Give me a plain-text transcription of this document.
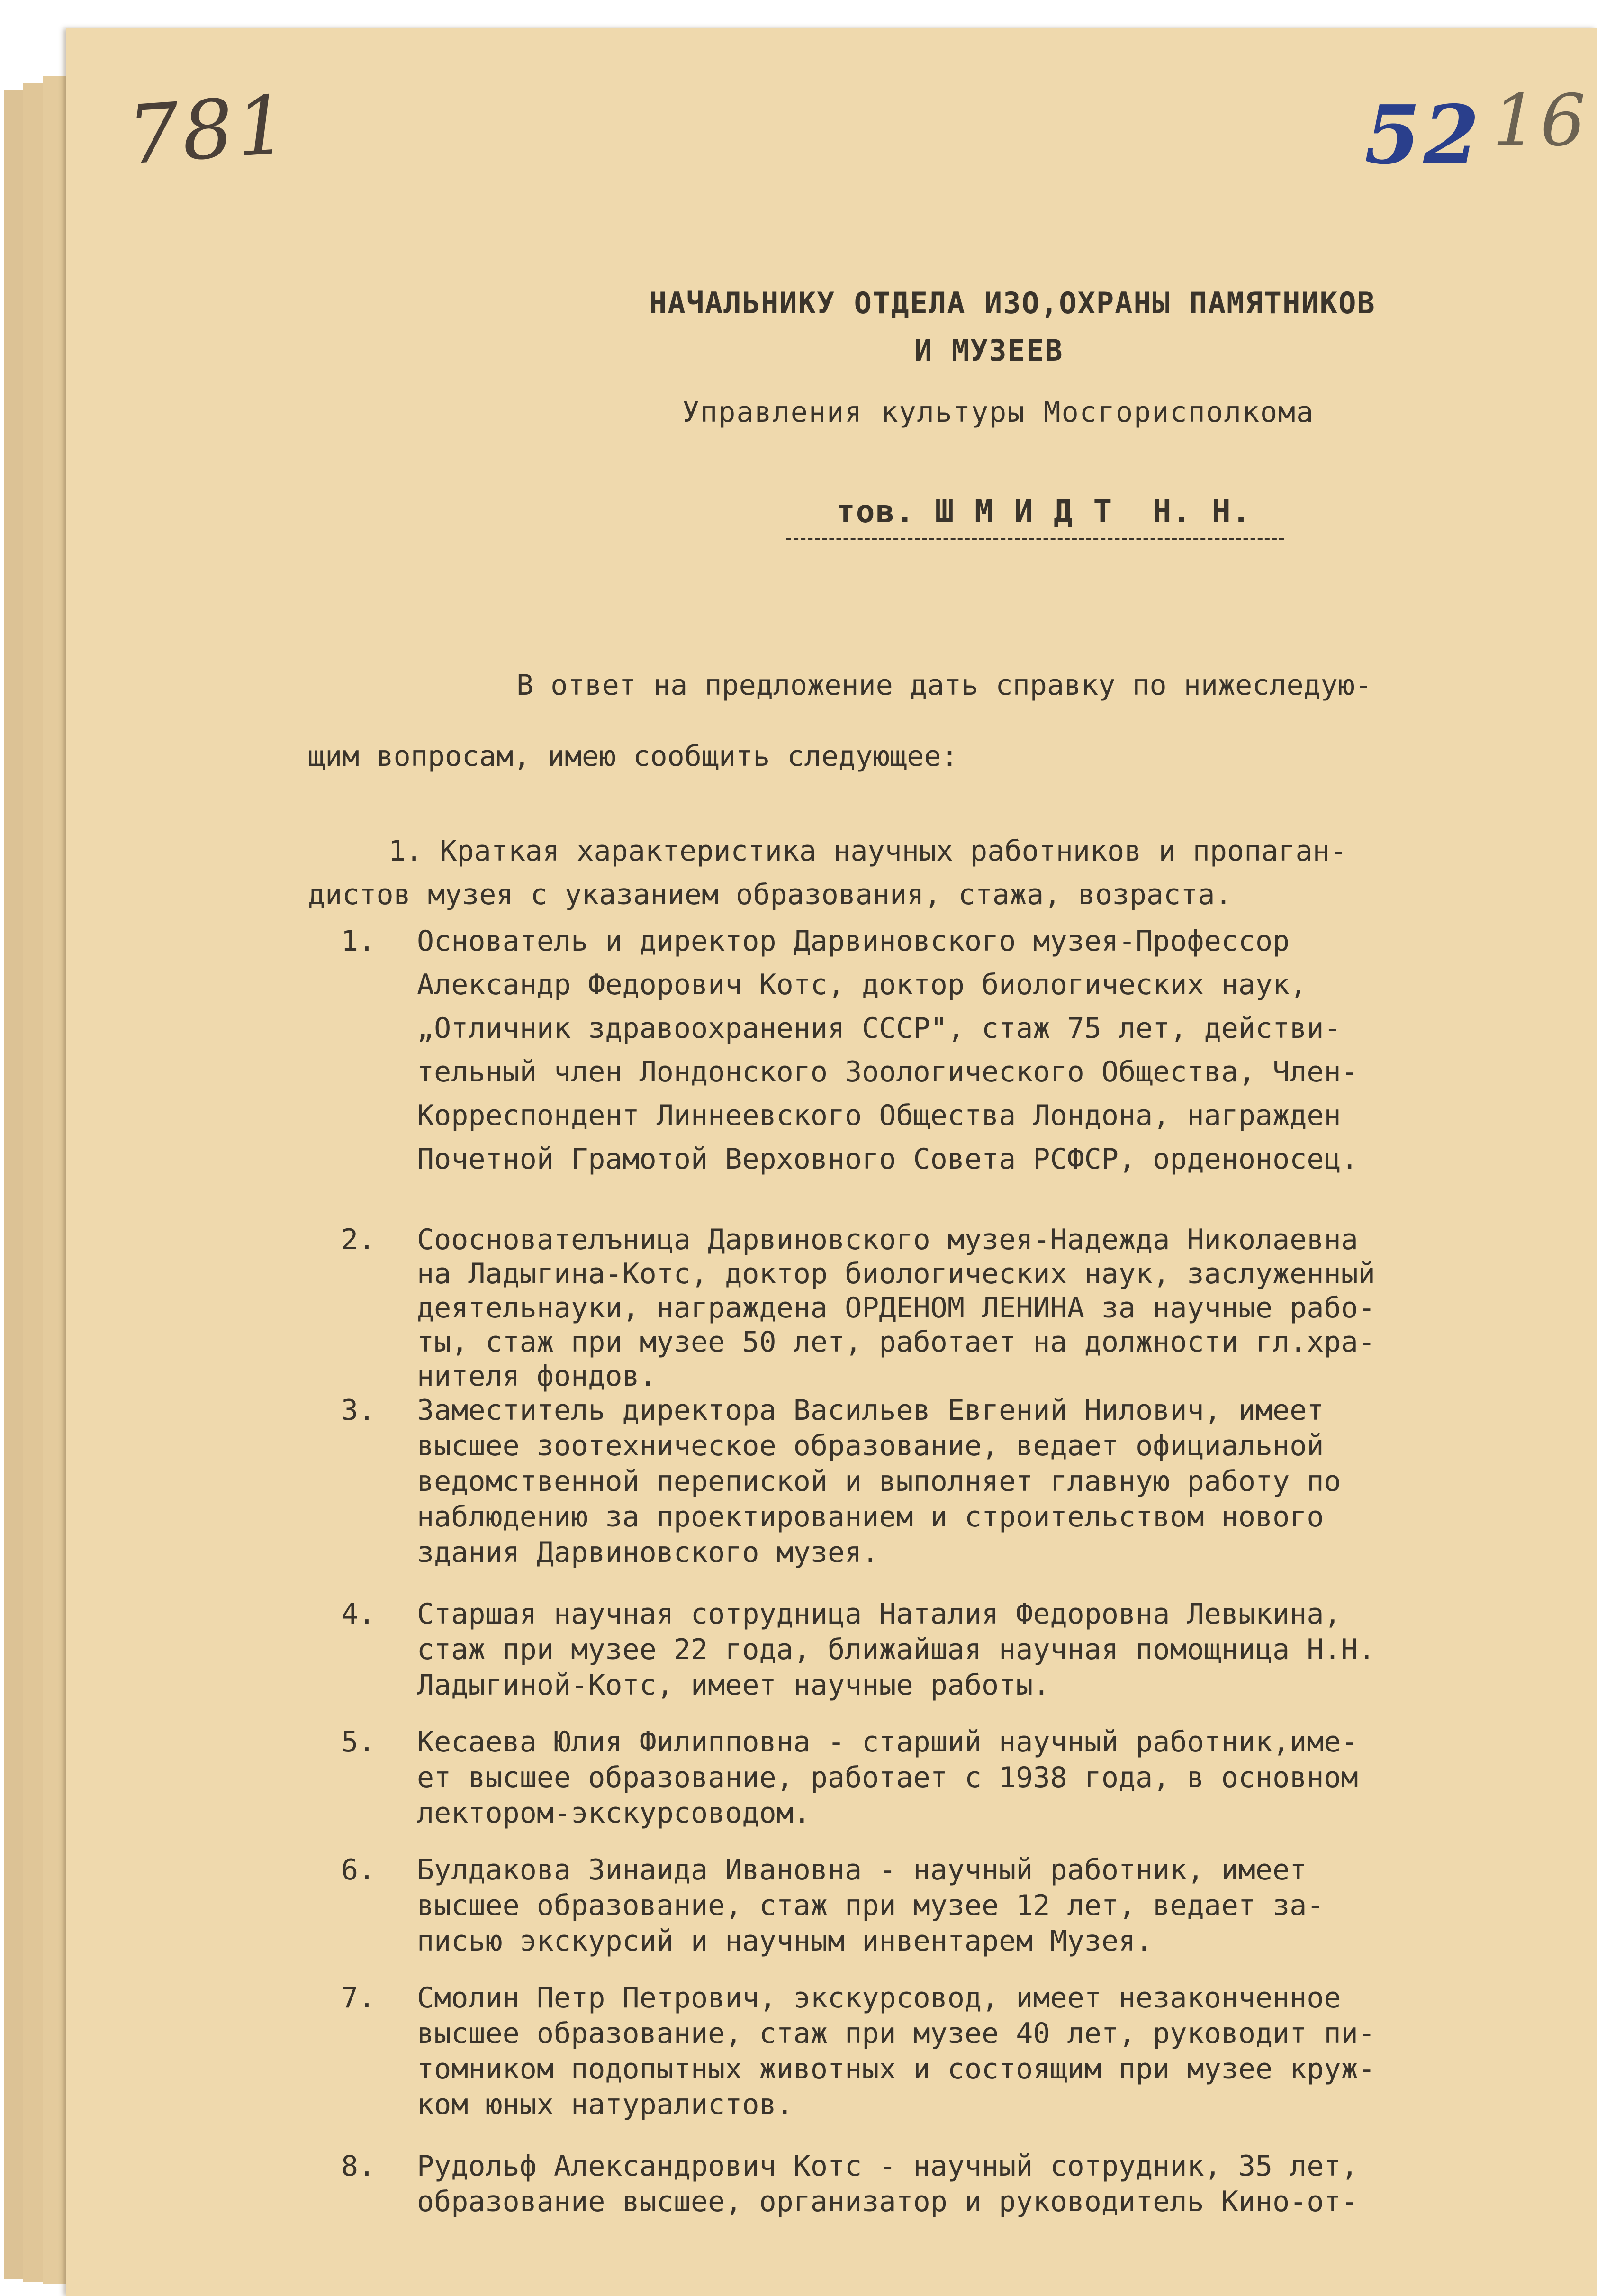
781	52 16
НАЧАЛЬНИКУ ОТДЕЛА ИЗО,ОХРАНЫ ПАМЯТНИКОВ
И МУЗЕЕВ
Управления культуры Мосгорисполкома
тов. Ш М И Д Т  Н. Н.
В ответ на предложение дать справку по нижеследую-
щим вопросам, имею сообщить следующее:
1. Краткая характеристика научных работников и пропаган-
дистов музея с указанием образования, стажа, возраста.
1. Основатель и директор Дарвиновского музея-Профессор
Александр Федорович Котс, доктор биологических наук,
„Отличник здравоохранения СССР", стаж 75 лет, действи-
тельный член Лондонского Зоологического Общества, Член-
Корреспондент Линнеевского Общества Лондона, награжден
Почетной Грамотой Верховного Совета РСФСР, орденоносец.
2. Сооснователъница Дарвиновского музея-Надежда Николаевна
на Ладыгина-Котс, доктор биологических наук, заслуженный
деятельнауки, награждена ОРДЕНОМ ЛЕНИНА за научные рабо-
ты, стаж при музее 50 лет, работает на должности гл.хра-
нителя фондов.
3. Заместитель директора Васильев Евгений Нилович, имеет
высшее зоотехническое образование, ведает официальной
ведомственной перепиской и выполняет главную работу по
наблюдению за проектированием и строительством нового
здания Дарвиновского музея.
4. Старшая научная сотрудница Наталия Федоровна Левыкина,
стаж при музее 22 года, ближайшая научная помощница Н.Н.
Ладыгиной-Котс, имеет научные работы.
5. Кесаева Юлия Филипповна - старший научный работник,име-
ет высшее образование, работает с 1938 года, в основном
лектором-экскурсоводом.
6. Булдакова Зинаида Ивановна - научный работник, имеет
высшее образование, стаж при музее 12 лет, ведает за-
писью экскурсий и научным инвентарем Музея.
7. Смолин Петр Петрович, экскурсовод, имеет незаконченное
высшее образование, стаж при музее 40 лет, руководит пи-
томником подопытных животных и состоящим при музее круж-
ком юных натуралистов.
8. Рудольф Александрович Котс - научный сотрудник, 35 лет,
образование высшее, организатор и руководитель Кино-от-
